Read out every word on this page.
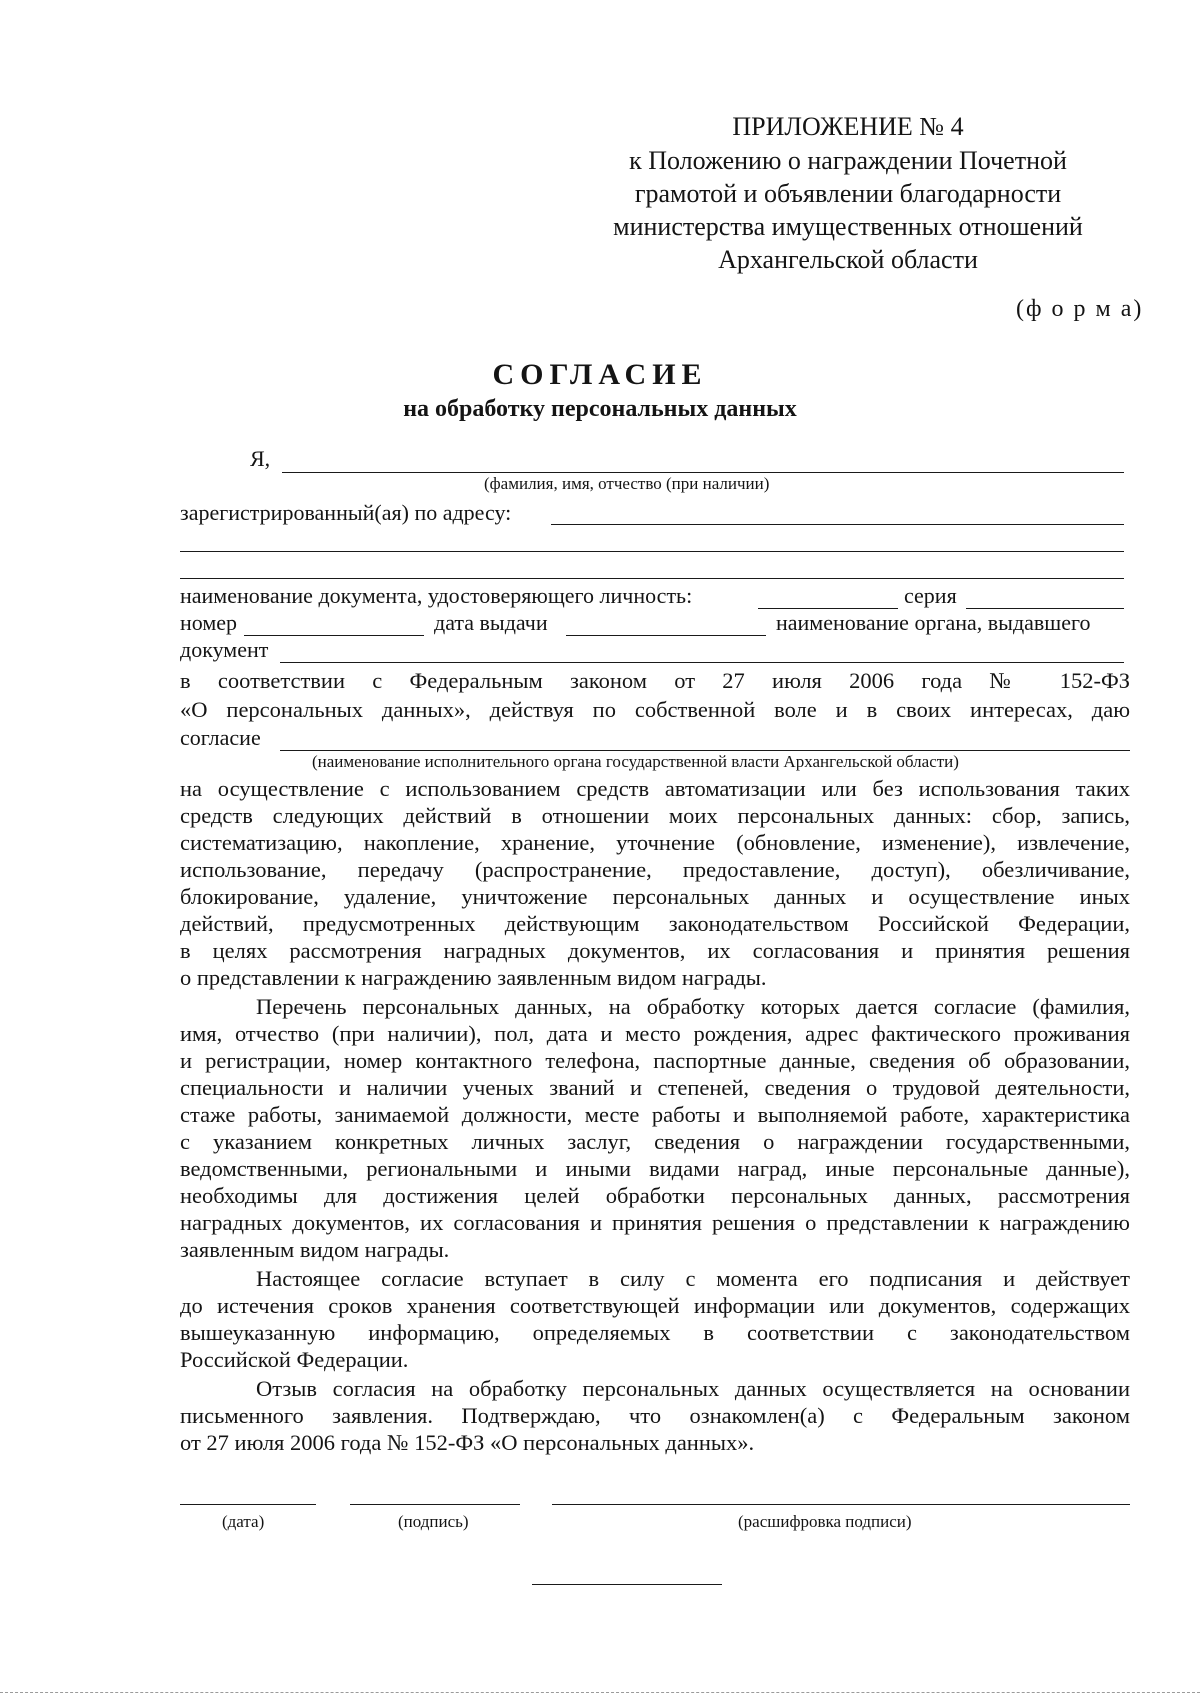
ПРИЛОЖЕНИЕ № 4
к Положению о награждении Почетной
грамотой и объявлении благодарности
министерства имущественных отношений
Архангельской области
(ф о р м а)
СОГЛАСИЕ
на обработку персональных данных
Я,
(фамилия, имя, отчество (при наличии)
зарегистрированный(ая) по адресу:
наименование документа, удостоверяющего личность:	серия
номер	дата выдачи	наименование органа, выдавшего
документ
в соответствии с Федеральным законом от 27 июля 2006 года № 152-ФЗ
«О персональных данных», действуя по собственной воле и в своих интересах, даю
согласие
(наименование исполнительного органа государственной власти Архангельской области)
на осуществление с использованием средств автоматизации или без использования таких
средств следующих действий в отношении моих персональных данных: сбор, запись,
систематизацию, накопление, хранение, уточнение (обновление, изменение), извлечение,
использование, передачу (распространение, предоставление, доступ), обезличивание,
блокирование, удаление, уничтожение персональных данных и осуществление иных
действий, предусмотренных действующим законодательством Российской Федерации,
в целях рассмотрения наградных документов, их согласования и принятия решения
о представлении к награждению заявленным видом награды.
Перечень персональных данных, на обработку которых дается согласие (фамилия,
имя, отчество (при наличии), пол, дата и место рождения, адрес фактического проживания
и регистрации, номер контактного телефона, паспортные данные, сведения об образовании,
специальности и наличии ученых званий и степеней, сведения о трудовой деятельности,
стаже работы, занимаемой должности, месте работы и выполняемой работе, характеристика
с указанием конкретных личных заслуг, сведения о награждении государственными,
ведомственными, региональными и иными видами наград, иные персональные данные),
необходимы для достижения целей обработки персональных данных, рассмотрения
наградных документов, их согласования и принятия решения о представлении к награждению
заявленным видом награды.
Настоящее согласие вступает в силу с момента его подписания и действует
до истечения сроков хранения соответствующей информации или документов, содержащих
вышеуказанную информацию, определяемых в соответствии с законодательством
Российской Федерации.
Отзыв согласия на обработку персональных данных осуществляется на основании
письменного заявления. Подтверждаю, что ознакомлен(а) с Федеральным законом
от 27 июля 2006 года № 152-ФЗ «О персональных данных».
(дата)	(подпись)	(расшифровка подписи)
